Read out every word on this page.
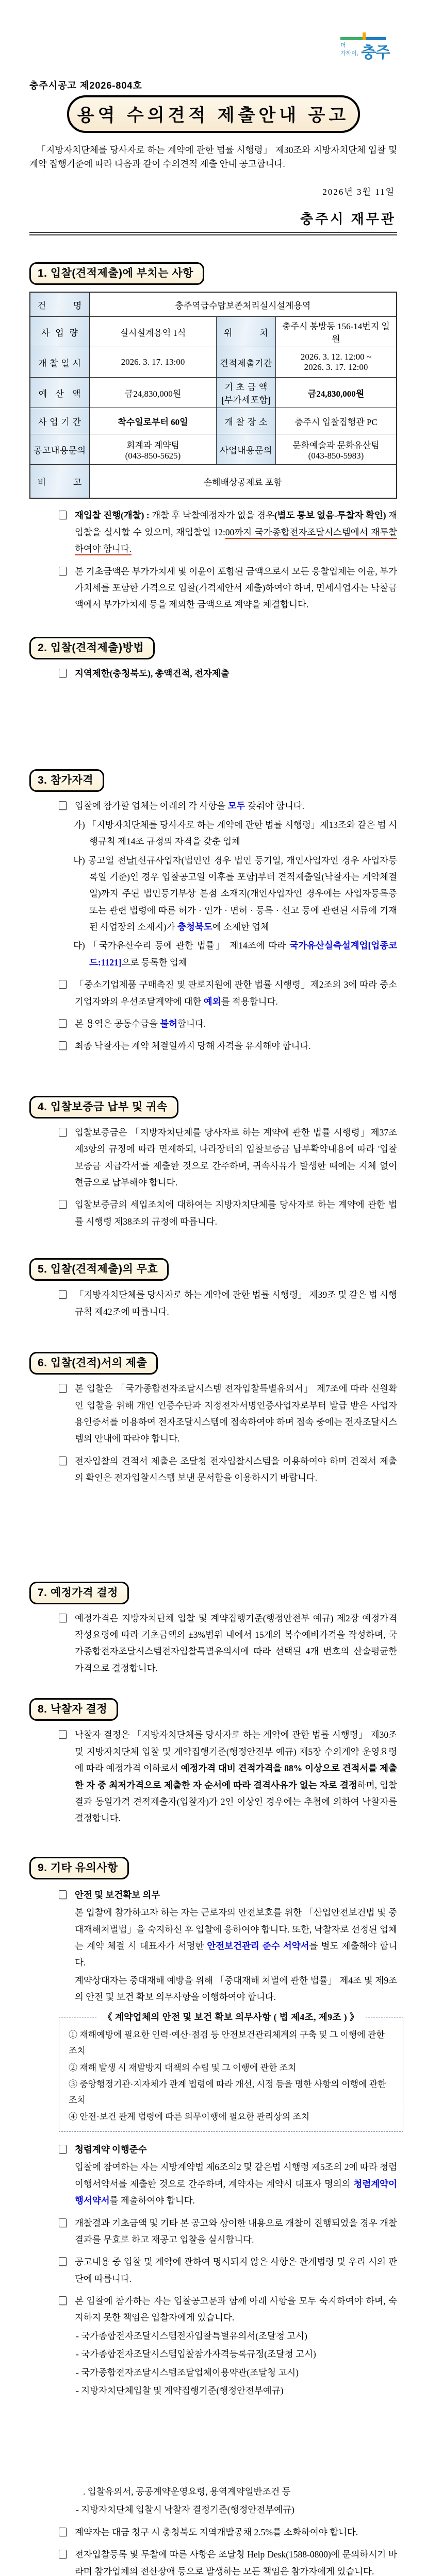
충주시공고 제2026-804호
더
가까이, 충주
용역 수의견적 제출안내 공고

「지방자치단체를 당사자로 하는 계약에 관한 법률 시행령」 제30조와 지방자치단체 입찰 및 계약 집행기준에 따라 다음과 같이 수의견적 제출 안내 공고합니다.

2026년 3월 11일
충주시 재무관
1. 입찰(견적제출)에 부치는 사항
건          명	충주역급수탑보존처리실시설계용역		
사  업  량	실시설계용역 1식	위          치	충주시 봉방동 156-14번지 일원
개 찰 일 시	2026. 3. 17. 13:00	견적제출기간	2026. 3. 12. 12:00 ~
2026. 3. 17. 12:00
예   산   액	금24,830,000원	기 초 금 액
[부가세포함]	금24,830,000원
사 업 기 간	착수일로부터 60일	개 찰 장 소	충주시 입찰집행관 PC
공고내용문의	회계과 계약팀
(043-850-5625)	사업내용문의	문화예술과 문화유산팀
(043-850-5983)
비          고	손해배상공제료 포함		

재입찰 진행(개찰) : 개찰 후 낙찰예정자가 없을 경우(별도 통보 없음-투찰자 확인) 재입찰을 실시할 수 있으며, 재입찰일 12:00까지 국가종합전자조달시스템에서 재투찰하여야 합니다.

본 기초금액은 부가가치세 및 이윤이 포함된 금액으로서 모든 응찰업체는 이윤, 부가가치세를 포함한 가격으로 입찰(가격제안서 제출)하여야 하며, 면세사업자는 낙찰금액에서 부가가치세 등을 제외한 금액으로 계약을 체결합니다.

2. 입찰(견적제출)방법

지역제한(충청북도), 총액견적, 전자제출

3. 참가자격

입찰에 참가할 업체는 아래의 각 사항을 모두 갖춰야 합니다.

가) 「지방자치단체를 당사자로 하는 계약에 관한 법률 시행령」제13조와 같은 법 시행규칙 제14조 규정의 자격을 갖춘 업체

나) 공고일 전날[신규사업자(법인인 경우 법인 등기일, 개인사업자인 경우 사업자등록일 기준)인 경우 입찰공고일 이후를 포함]부터 견적제출일(낙찰자는 계약체결일)까지 주된 법인등기부상 본점 소재지(개인사업자인 경우에는 사업자등록증 또는 관련 법령에 따른 허가 · 인가 · 면허 · 등록 · 신고 등에 관련된 서류에 기재된 사업장의 소재지)가 충청북도에 소재한 업체

다) 「국가유산수리 등에 관한 법률」 제14조에 따라 국가유산실측설계업[업종코드:1121]으로 등록한 업체

「중소기업제품 구매촉진 및 판로지원에 관한 법률 시행령」제2조의 3에 따라 중소기업자와의 우선조달계약에 대한 예외를 적용합니다.

본 용역은 공동수급을 불허합니다.

최종 낙찰자는 계약 체결일까지 당해 자격을 유지해야 합니다.

4. 입찰보증금 납부 및 귀속

입찰보증금은 「지방자치단체를 당사자로 하는 계약에 관한 법률 시행령」제37조 제3항의 규정에 따라 면제하되, 나라장터의 입찰보증금 납부확약내용에 따라 '입찰보증금 지급각서'를 제출한 것으로 간주하며, 귀속사유가 발생한 때에는 지체 없이 현금으로 납부해야 합니다.

입찰보증금의 세입조치에 대하여는 지방자치단체를 당사자로 하는 계약에 관한 법률 시행령 제38조의 규정에 따릅니다.

5. 입찰(견적제출)의 무효

「지방자치단체를 당사자로 하는 계약에 관한 법률 시행령」 제39조 및 같은 법 시행규칙 제42조에 따릅니다.

6. 입찰(견적)서의 제출

본 입찰은 「국가종합전자조달시스템 전자입찰특별유의서」 제7조에 따라 신원확인 입찰을 위해 개인 인증수단과 지정전자서명인증사업자로부터 발급 받은 사업자용인증서를 이용하여 전자조달시스템에 접속하여야 하며 접속 중에는 전자조달시스템의 안내에 따라야 합니다.

전자입찰의 견적서 제출은 조달청 전자입찰시스템을 이용하여야 하며 견적서 제출의 확인은 전자입찰시스템 보낸 문서함을 이용하시기 바랍니다.

7. 예정가격 결정

예정가격은 지방자치단체 입찰 및 계약집행기준(행정안전부 예규) 제2장 예정가격 작성요령에 따라 기초금액의 ±3%범위 내에서 15개의 복수예비가격을 작성하며, 국가종합전자조달시스템전자입찰특별유의서에 따라 선택된 4개 번호의 산술평균한 가격으로 결정합니다.

8. 낙찰자 결정

낙찰자 결정은 「지방자치단체를 당사자로 하는 계약에 관한 법률 시행령」 제30조 및 지방자치단체 입찰 및 계약집행기준(행정안전부 예규) 제5장 수의계약 운영요령에 따라 예정가격 이하로서 예정가격 대비 견적가격을 88% 이상으로 견적서를 제출한 자 중 최저가격으로 제출한 자 순서에 따라 결격사유가 없는 자로 결정하며, 입찰결과 동일가격 견적제출자(입찰자)가 2인 이상인 경우에는 추첨에 의하여 낙찰자를 결정합니다.

9. 기타 유의사항

안전 및 보건확보 의무

본 입찰에 참가하고자 하는 자는 근로자의 안전보호를 위한 「산업안전보건법 및 중대재해처벌법」을 숙지하신 후 입찰에 응하여야 합니다. 또한, 낙찰자로 선정된 업체는 계약 체결 시 대표자가 서명한 안전보건관리 준수 서약서를 별도 제출해야 합니다.

계약상대자는 중대재해 예방을 위해 「중대재해 처벌에 관한 법률」 제4조 및 제9조의 안전 및 보건 확보 의무사항을 이행하여야 합니다.

《 계약업체의 안전 및 보건 확보 의무사항 ( 법 제4조, 제9조 ) 》
① 재해예방에 필요한 인력·예산·점검 등 안전보건관리체계의 구축 및 그 이행에 관한 조치
② 재해 발생 시 재발방지 대책의 수립 및 그 이행에 관한 조치
③ 중앙행정기관·지자체가 관계 법령에 따라 개선, 시정 등을 명한 사항의 이행에 관한 조치
④ 안전·보건 관계 법령에 따른 의무이행에 필요한 관리상의 조치

청렴계약 이행준수

입찰에 참여하는 자는 지방계약법 제6조의2 및 같은법 시행령 제5조의 2에 따라 청렴이행서약서를 제출한 것으로 간주하며, 계약자는 계약시 대표자 명의의 청렴계약이행서약서를 제출하여야 합니다.

개찰결과 기초금액 및 기타 본 공고와 상이한 내용으로 개찰이 진행되었을 경우 개찰결과를 무효로 하고 재공고 입찰을 실시합니다.

공고내용 중 입찰 및 계약에 관하여 명시되지 않은 사항은 관계법령 및 우리 시의 판단에 따릅니다.

본 입찰에 참가하는 자는 입찰공고문과 함께 아래 사항을 모두 숙지하여야 하며, 숙지하지 못한 책임은 입찰자에게 있습니다.

- 국가종합전자조달시스템전자입찰특별유의서(조달청 고시)

- 국가종합전자조달시스템입찰참가자격등록규정(조달청 고시)

- 국가종합전자조달시스템조달업체이용약관(조달청 고시)

- 지방자치단체입찰 및 계약집행기준(행정안전부예규)

. 입찰유의서, 공공계약운영요령, 용역계약일반조건 등

- 지방자치단체 입찰시 낙찰자 결정기준(행정안전부예규)

계약자는 대금 청구 시 충청북도 지역개발공채 2.5%를 소화하여야 합니다.

전자입찰등록 및 투찰에 따른 사항은 조달청 Help Desk(1588-0800)에 문의하시기 바라며 참가업체의 전산장애 등으로 발생하는 모든 책임은 참가자에게 있습니다.
